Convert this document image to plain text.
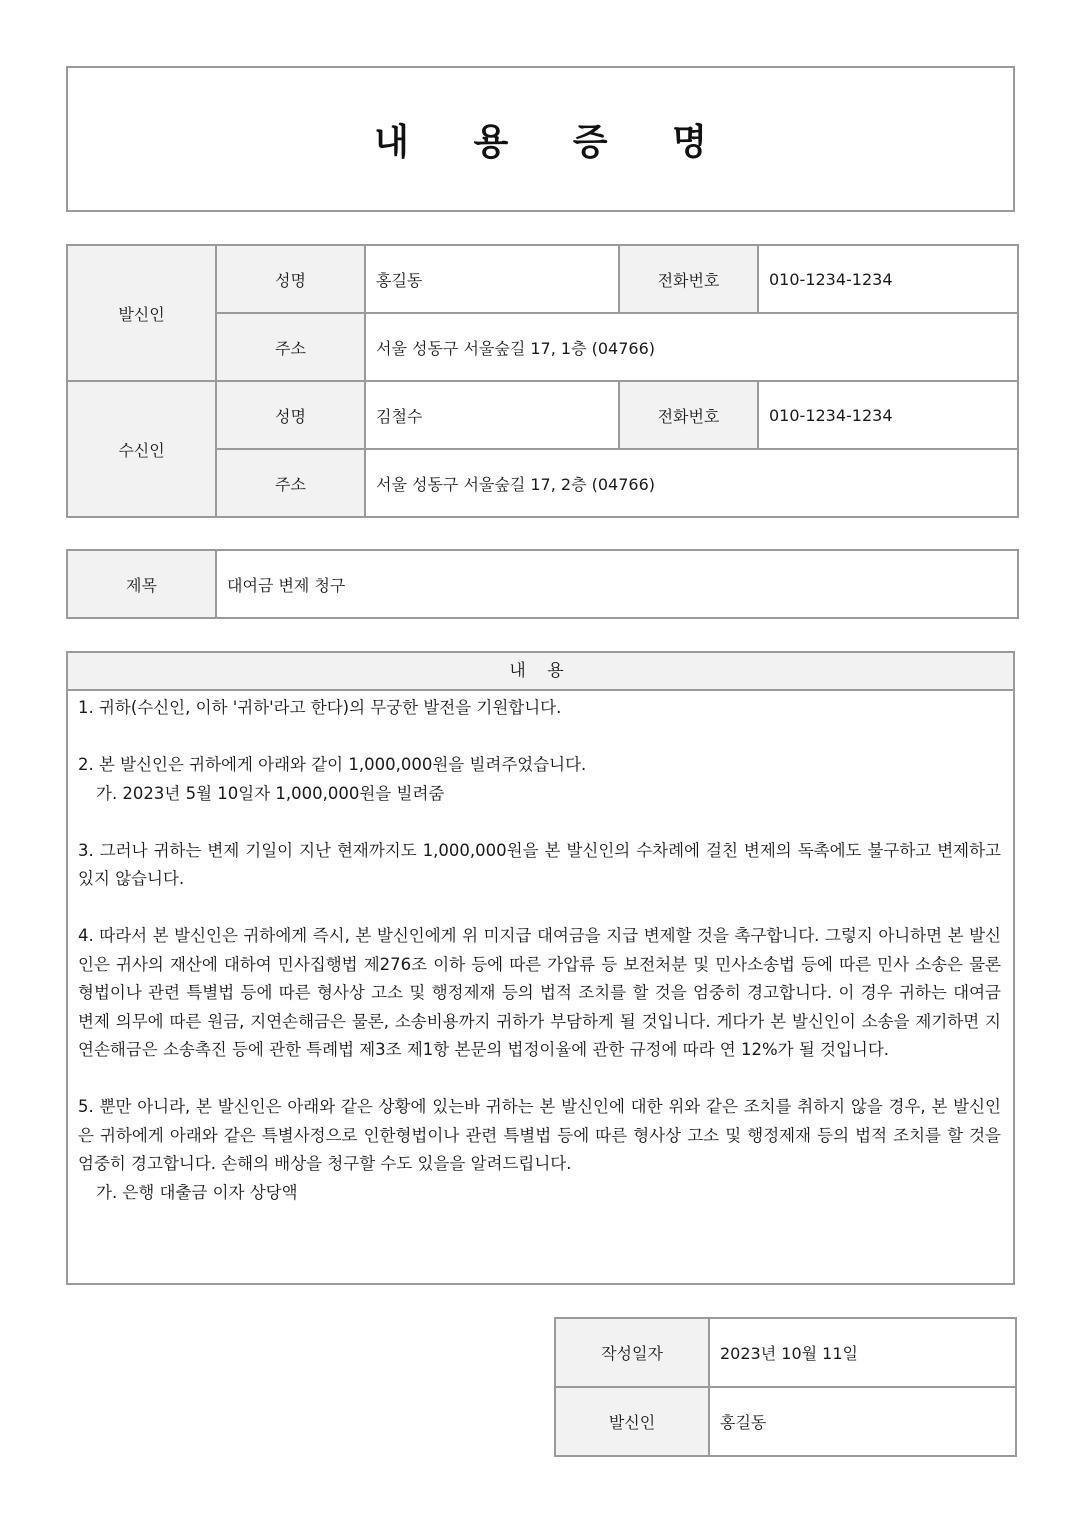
내 용 증 명
발신인	성명	홍길동	전화번호	010-1234-1234
	주소	서울 성동구 서울숲길 17, 1층 (04766)		
수신인	성명	김철수	전화번호	010-1234-1234
	주소	서울 성동구 서울숲길 17, 2층 (04766)		
제목	대여금 변제 청구
내 용

1. 귀하(수신인, 이하 '귀하'라고 한다)의 무궁한 발전을 기원합니다.

2. 본 발신인은 귀하에게 아래와 같이 1,000,000원을 빌려주었습니다.

가. 2023년 5월 10일자 1,000,000원을 빌려줌

3. 그러나 귀하는 변제 기일이 지난 현재까지도 1,000,000원을 본 발신인의 수차례에 걸친 변제의 독촉에도 불구하고 변제하고 있지 않습니다.

4. 따라서 본 발신인은 귀하에게 즉시, 본 발신인에게 위 미지급 대여금을 지급 변제할 것을 촉구합니다. 그렇지 아니하면 본 발신인은 귀사의 재산에 대하여 민사집행법 제276조 이하 등에 따른 가압류 등 보전처분 및 민사소송법 등에 따른 민사 소송은 물론 형법이나 관련 특별법 등에 따른 형사상 고소 및 행정제재 등의 법적 조치를 할 것을 엄중히 경고합니다. 이 경우 귀하는 대여금 변제 의무에 따른 원금, 지연손해금은 물론, 소송비용까지 귀하가 부담하게 될 것입니다. 게다가 본 발신인이 소송을 제기하면 지연손해금은 소송촉진 등에 관한 특례법 제3조 제1항 본문의 법정이율에 관한 규정에 따라 연 12%가 될 것입니다.

5. 뿐만 아니라, 본 발신인은 아래와 같은 상황에 있는바 귀하는 본 발신인에 대한 위와 같은 조치를 취하지 않을 경우, 본 발신인은 귀하에게 아래와 같은 특별사정으로 인한형법이나 관련 특별법 등에 따른 형사상 고소 및 행정제재 등의 법적 조치를 할 것을 엄중히 경고합니다. 손해의 배상을 청구할 수도 있을을 알려드립니다.

가. 은행 대출금 이자 상당액

작성일자	2023년 10월 11일
발신인	홍길동
